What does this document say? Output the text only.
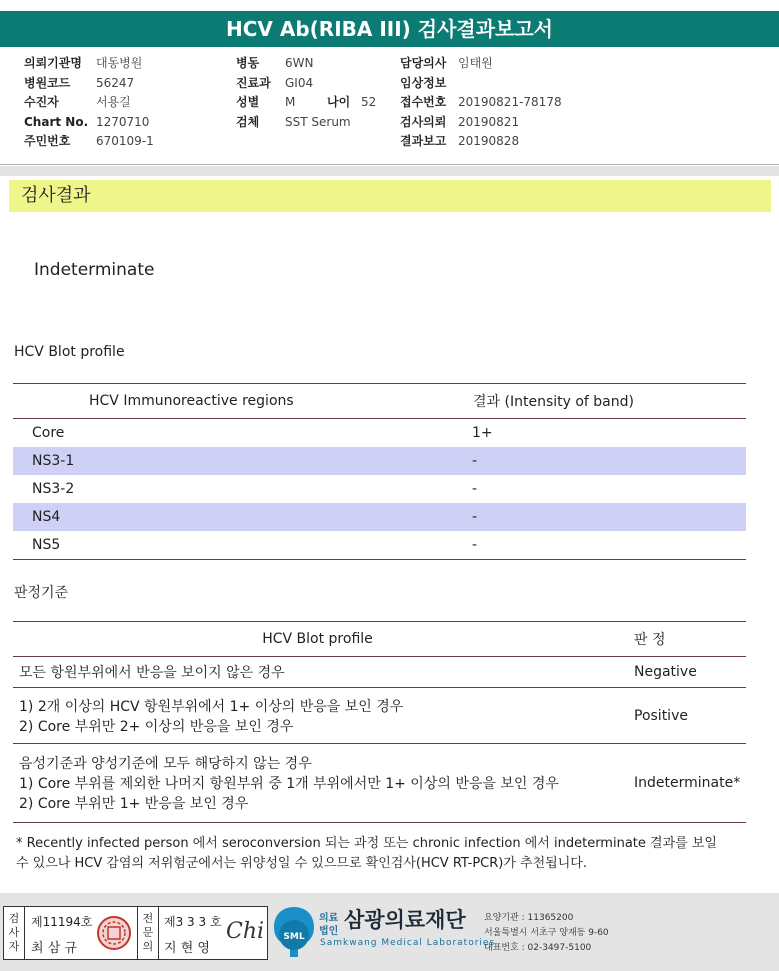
HCV Ab(RIBA III) 검사결과보고서
의뢰기관명	대동병원
병원코드	56247
수진자	서용길
Chart No. 1270710
주민번호	670109-1
병동	6WN
진료과	GI04
성별	M	나이 52
검체	SST Serum
담당의사 임태원
임상정보
접수번호 20190821-78178
검사의뢰 20190821
결과보고 20190828
검사결과
Indeterminate
HCV Blot profile
HCV Immunoreactive regions	결과 (Intensity of band)
Core	1+
NS3-1	-
NS3-2	-
NS4	-
NS5	-
판정기준
HCV Blot profile	판 정

모든 항원부위에서 반응을 보이지 않은 경우	Negative

1) 2개 이상의 HCV 항원부위에서 1+ 이상의 반응을 보인 경우
2) Core 부위만 2+ 이상의 반응을 보인 경우	Positive

음성기준과 양성기준에 모두 해당하지 않는 경우
1) Core 부위를 제외한 나머지 항원부위 중 1개 부위에서만 1+ 이상의 반응을 보인 경우
2) Core 부위만 1+ 반응을 보인 경우	Indeterminate*
* Recently infected person 에서 seroconversion 되는 과정 또는 chronic infection 에서 indeterminate 결과를 보일
수 있으나 HCV 감염의 저위험군에서는 위양성일 수 있으므로 확인검사(HCV RT-PCR)가 추천됩니다.
검사자
제11194호
최 삼 규
전문의
제3 3 3 호
지 현 영
Chi SML
의료
법인 삼광의료재단
Samkwang Medical Laboratories
요양기관 : 11365200
서울특별시 서초구 양재동 9-60
대표번호 : 02-3497-5100
